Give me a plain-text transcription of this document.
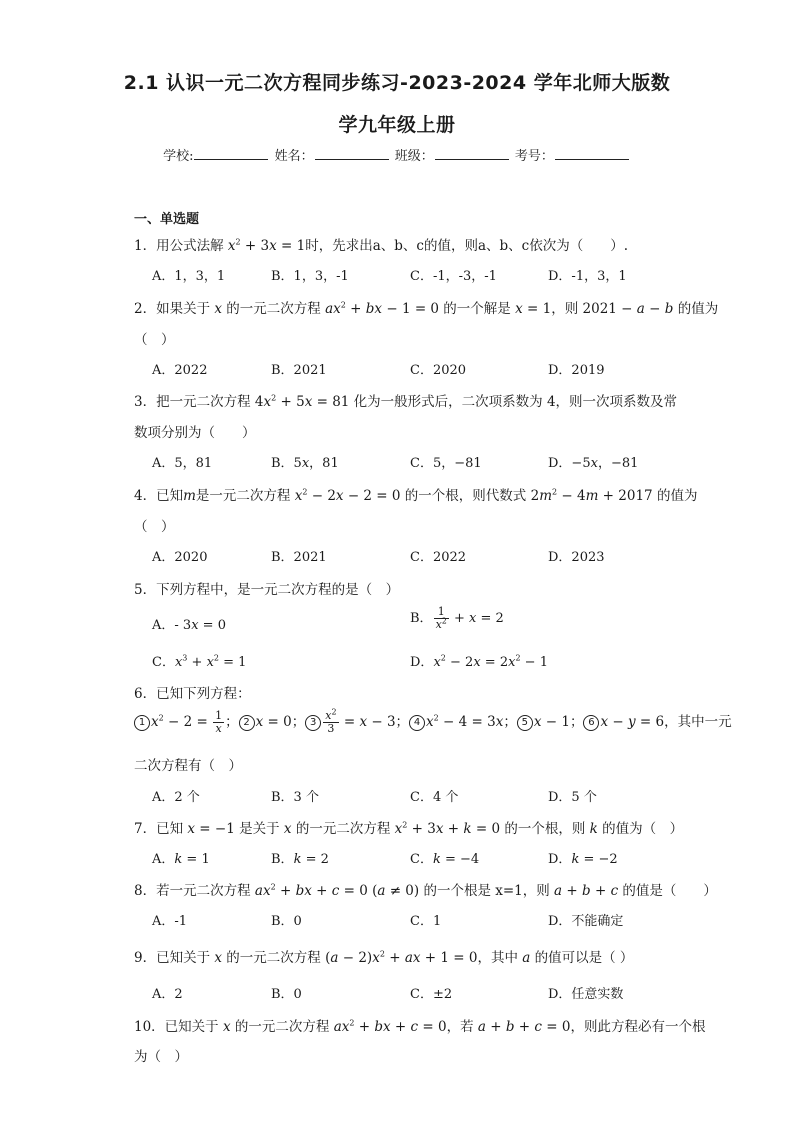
2.1 认识一元二次方程同步练习-2023-2024 学年北师大版数
学九年级上册
学校:	姓名：	班级：	考号：
一、单选题
1．用公式法解 $x^2 + 3x = 1$时，先求出a、b、c的值，则a、b、c依次为（　　）.
A．1，3，1	B．1，3，-1	C．-1，-3，-1	D．-1，3，1
2．如果关于 x 的一元二次方程 $ax^2$ + bx − 1 = 0 的一个解是 x = 1，则 2021 − a − b 的值为
（　）
A．2022	B．2021	C．2020	D．2019
3．把一元二次方程 $4x^2 + 5x = 81$ 化为一般形式后，二次项系数为 4，则一次项系数及常
数项分别为（　　）
A．5，81	B．5x，81	C．5，−81	D．−5x，−81
4．已知m是一元二次方程 $x^2 - 2x - 2 = 0$ 的一个根，则代数式 $2m^2 - 4m + 2017$ 的值为
（　）
A．2020	B．2021	C．2022	D．2023
5．下列方程中，是一元二次方程的是（　）
A．- 3x = 0	B． $\frac{1}{x^2} + x = 2$
C．$x^3 + x^2 = 1$	D．$x^2 - 2x = 2x^2 - 1$
6．已知下列方程：
1 $x^2 - 2 = \frac{1}{x}$ ； 2 x = 0； $3 \frac{x^2}{3} = x - 3$； 4 $x^2 - 4 = 3x$； 5 x − 1； 6 x − y = 6，其中一元
二次方程有（　）
A．2 个	B．3 个	C．4 个	D．5 个
7．已知 x = −1 是关于 x 的一元二次方程 $x^2 + 3x + k = 0$ 的一个根，则 k 的值为（　）
A．k = 1	B．k = 2	C．k = −4	D．k = −2
8．若一元二次方程 $ax^2$ + bx + c = 0 (a ≠ 0) 的一个根是 x=1，则 a + b + c 的值是（　　）
A．-1	B．0	C．1	D．不能确定
9．已知关于 x 的一元二次方程 $(a - 2)x^2$ + ax + 1 = 0，其中 a 的值可以是（ ）
A．2	B．0	C．±2	D．任意实数
10．已知关于 x 的一元二次方程 $ax^2$ + bx + c = 0，若 a + b + c = 0，则此方程必有一个根
为（　）
